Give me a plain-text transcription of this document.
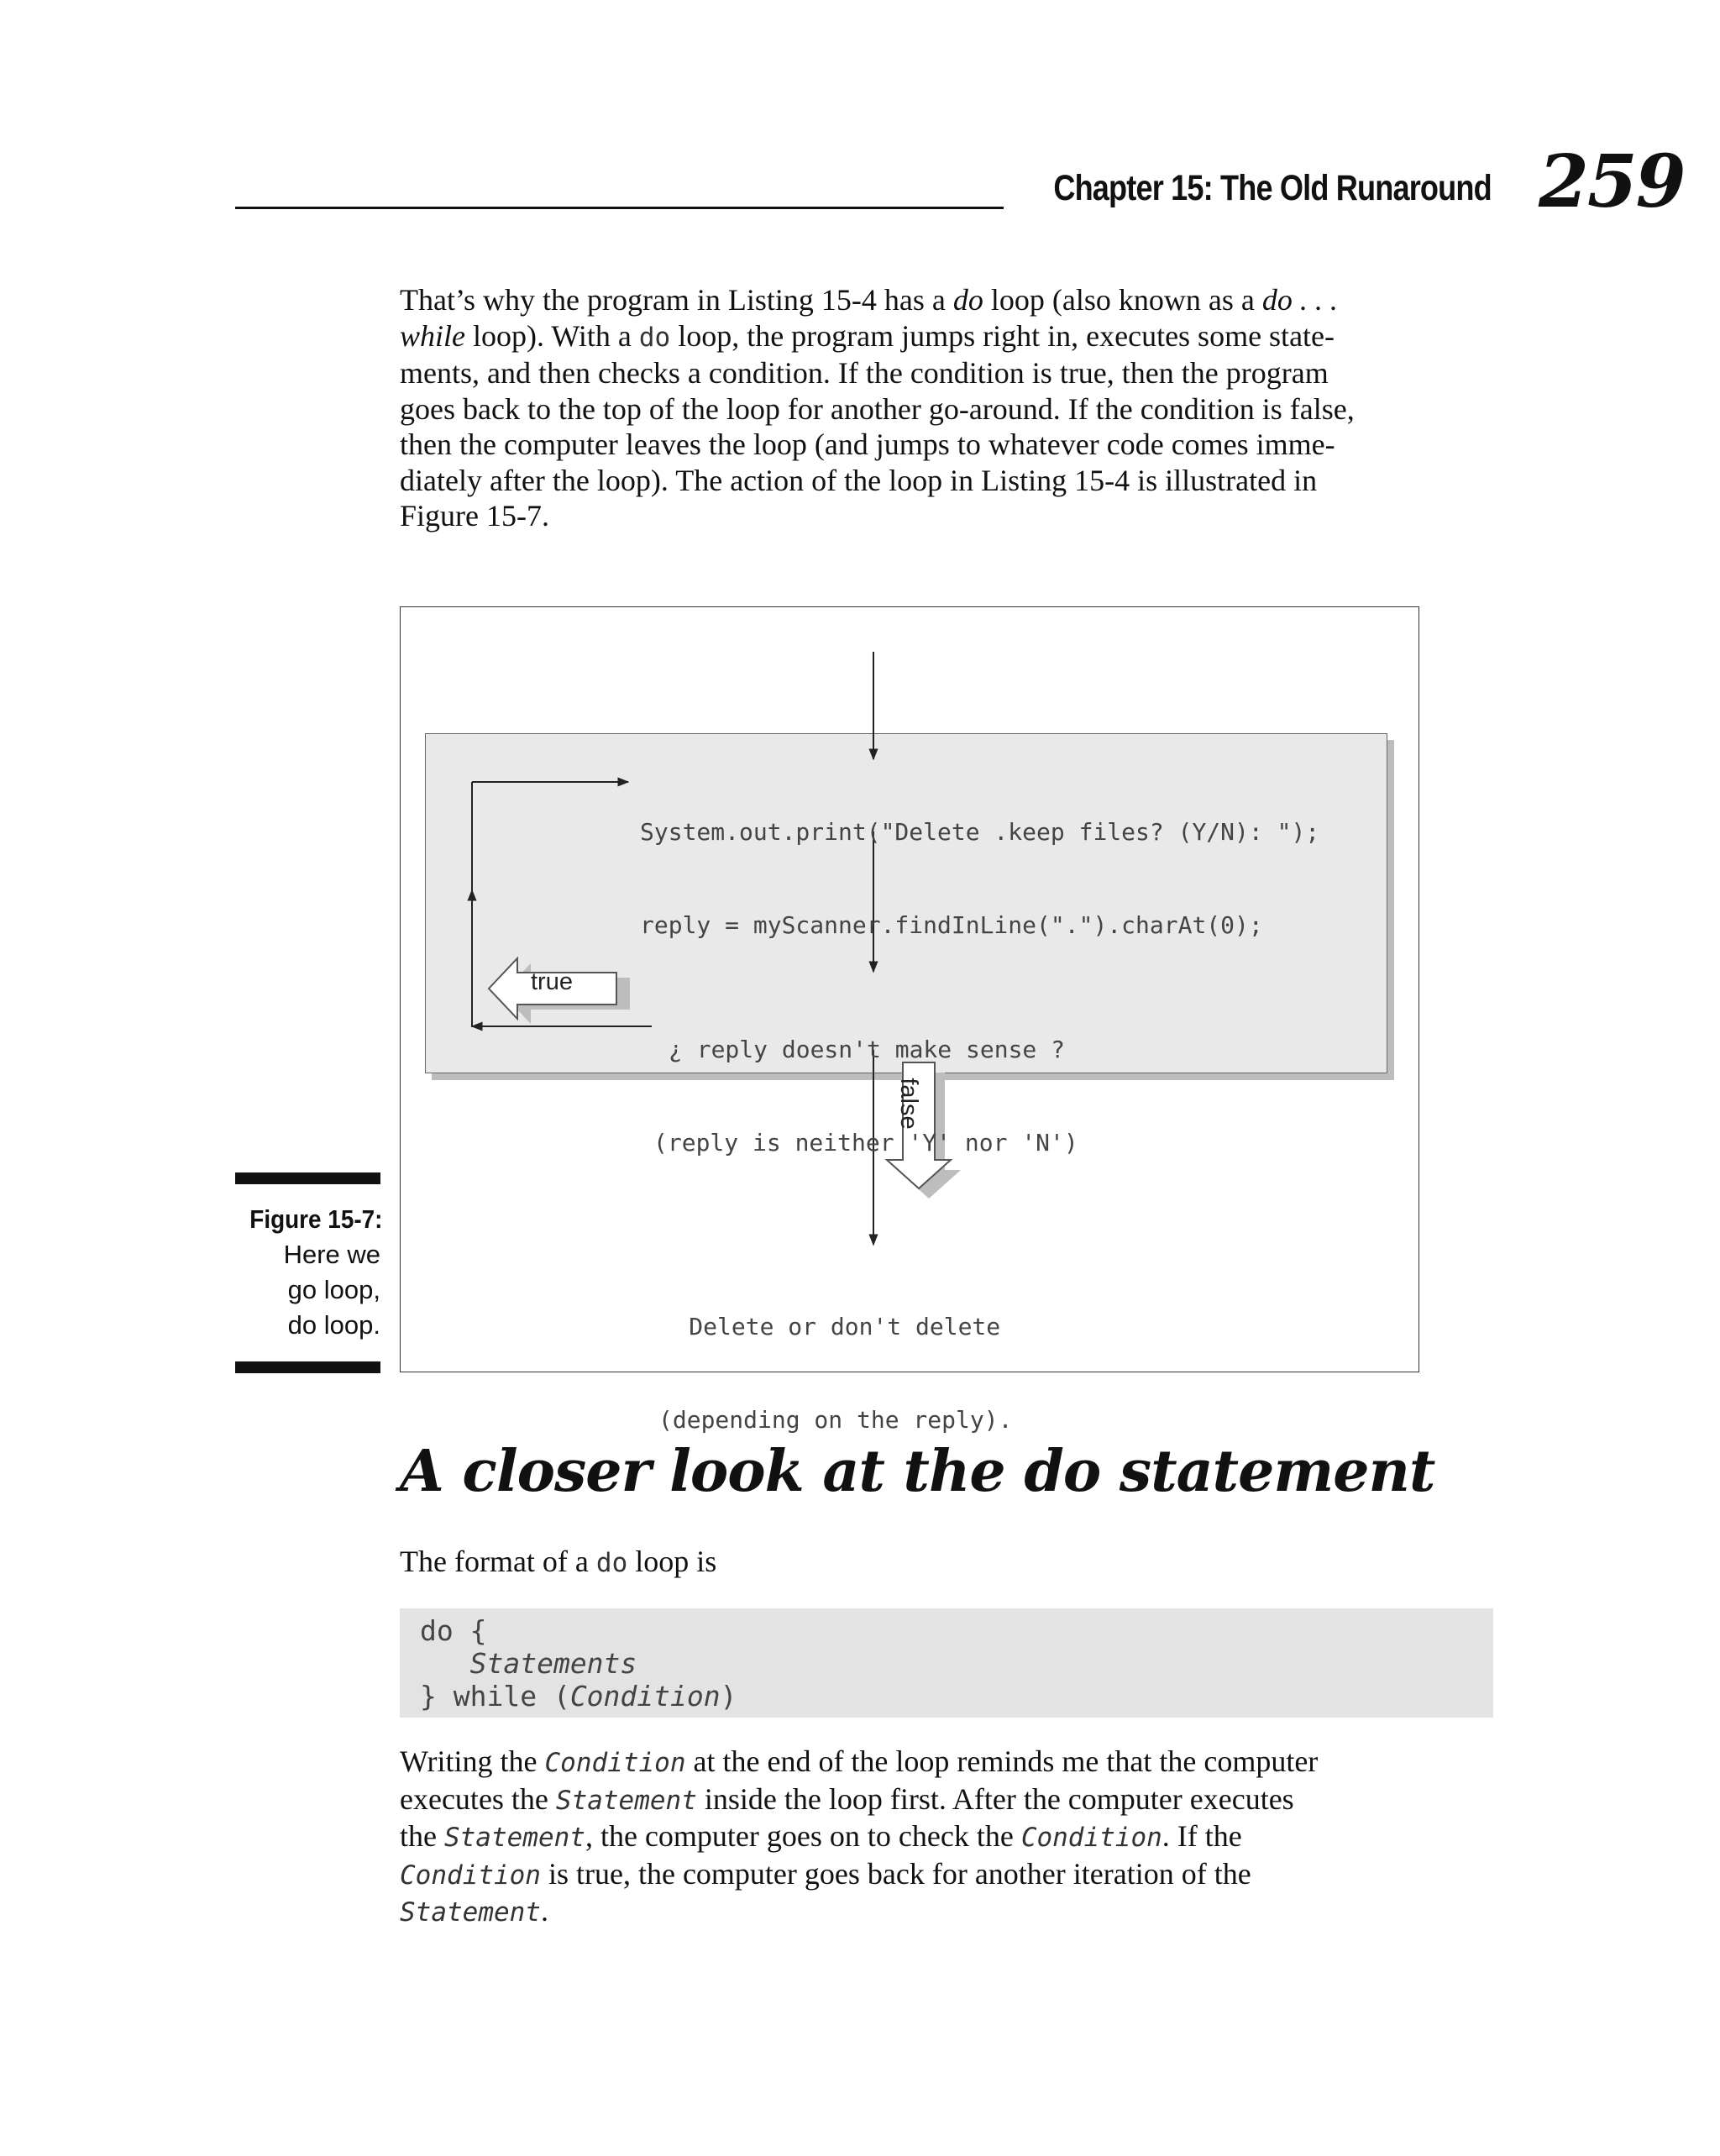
Chapter 15: The Old Runaround 259

That’s why the program in Listing 15-4 has a do loop (also known as a do . . .

while loop). With a do loop, the program jumps right in, executes some state-

ments, and then checks a condition. If the condition is true, then the program

goes back to the top of the loop for another go-around. If the condition is false,

then the computer leaves the loop (and jumps to whatever code comes imme-

diately after the loop). The action of the loop in Listing 15-4 is illustrated in

Figure 15-7.

true
false

System.out.print("Delete .keep files? (Y/N): ");

reply = myScanner.findInLine(".").charAt(0);

¿ reply doesn't make sense ?

(reply is neither 'Y' nor 'N')

Delete or don't delete

(depending on the reply).

Figure 15-7:

Here we

go loop,

do loop.

A closer look at the do statement

The format of a do loop is

do {
Statements
} while (Condition)

Writing the Condition at the end of the loop reminds me that the computer

executes the Statement inside the loop first. After the computer executes

the Statement, the computer goes on to check the Condition. If the

Condition is true, the computer goes back for another iteration of the

Statement.
